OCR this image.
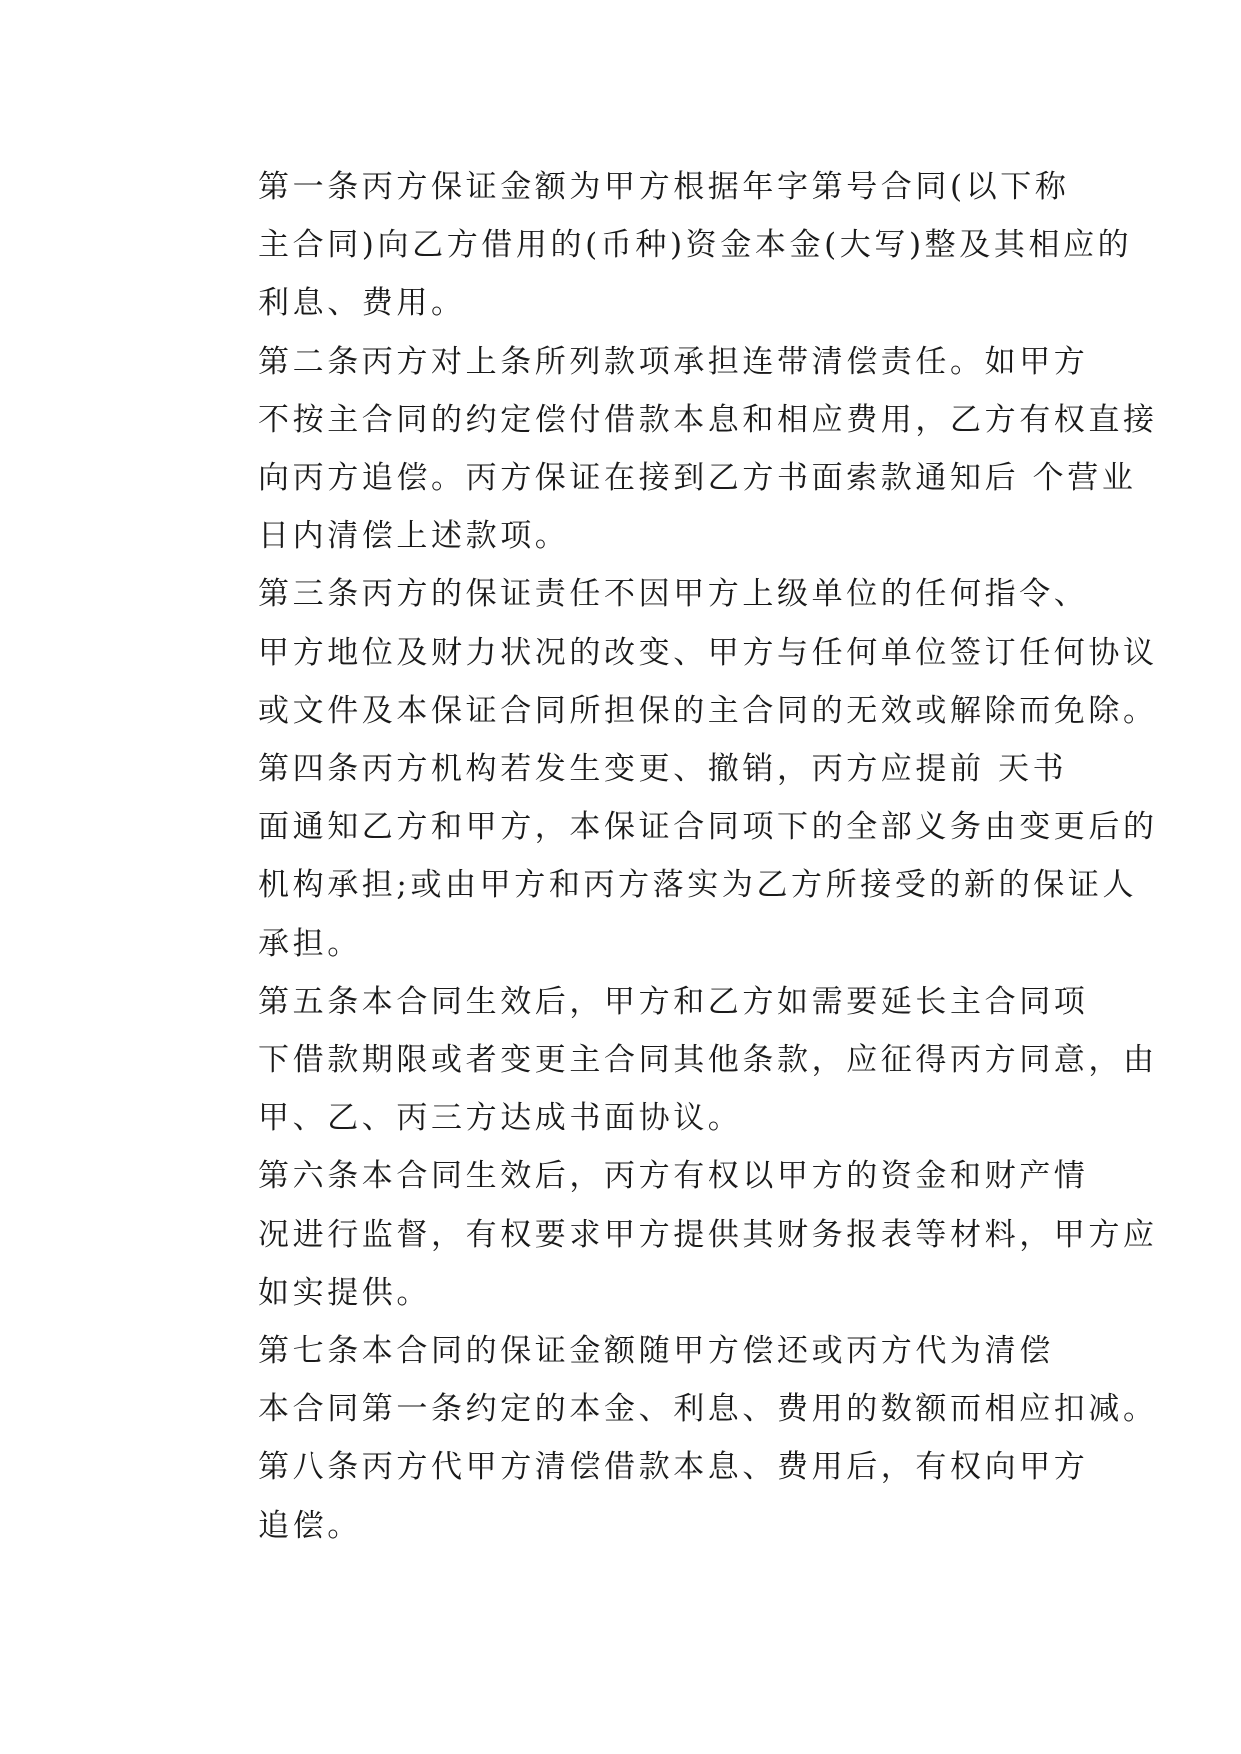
第一条丙方保证金额为甲方根据年字第号合同(以下称
主合同)向乙方借用的(币种)资金本金(大写)整及其相应的
利息、费用。

第二条丙方对上条所列款项承担连带清偿责任。如甲方
不按主合同的约定偿付借款本息和相应费用，乙方有权直接
向丙方追偿。丙方保证在接到乙方书面索款通知后 个营业
日内清偿上述款项。

第三条丙方的保证责任不因甲方上级单位的任何指令、
甲方地位及财力状况的改变、甲方与任何单位签订任何协议
或文件及本保证合同所担保的主合同的无效或解除而免除。

第四条丙方机构若发生变更、撤销，丙方应提前 天书
面通知乙方和甲方，本保证合同项下的全部义务由变更后的
机构承担;或由甲方和丙方落实为乙方所接受的新的保证人
承担。

第五条本合同生效后，甲方和乙方如需要延长主合同项
下借款期限或者变更主合同其他条款，应征得丙方同意，由
甲、乙、丙三方达成书面协议。

第六条本合同生效后，丙方有权以甲方的资金和财产情
况进行监督，有权要求甲方提供其财务报表等材料，甲方应
如实提供。

第七条本合同的保证金额随甲方偿还或丙方代为清偿
本合同第一条约定的本金、利息、费用的数额而相应扣减。

第八条丙方代甲方清偿借款本息、费用后，有权向甲方
追偿。
